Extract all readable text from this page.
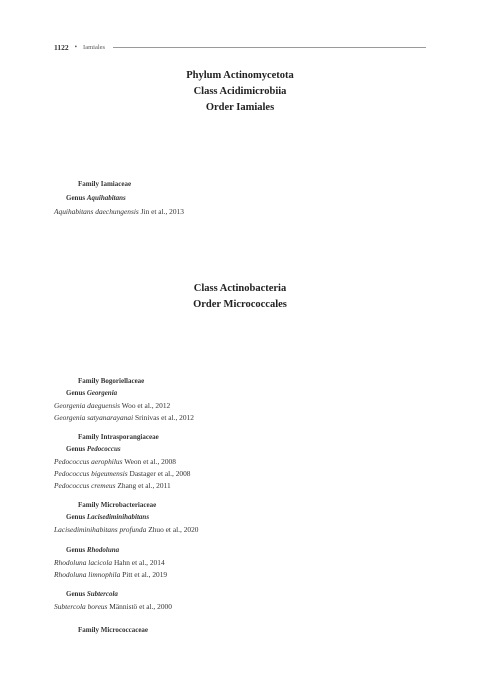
1122 • Iamiales
Phylum Actinomycetota
Class Acidimicrobiia
Order Iamiales
Family Iamiaceae
Genus Aquihabitans
Aquihabitans daechungensis Jin et al., 2013
Class Actinobacteria
Order Micrococcales
Family Bogoriellaceae
Genus Georgenia
Georgenia daeguensis Woo et al., 2012
Georgenia satyanarayanai Srinivas et al., 2012
Family Intrasporangiaceae
Genus Pedococcus
Pedococcus aerophilus Weon et al., 2008
Pedococcus bigeumensis Dastager et al., 2008
Pedococcus cremeus Zhang et al., 2011
Family Microbacteriaceae
Genus Lacisediminihabitans
Lacisediminihabitans profunda Zhuo et al., 2020
Genus Rhodoluna
Rhodoluna lacicola Hahn et al., 2014
Rhodoluna limnophila Pitt et al., 2019
Genus Subtercola
Subtercola boreus Männistö et al., 2000
Family Micrococcaceae
